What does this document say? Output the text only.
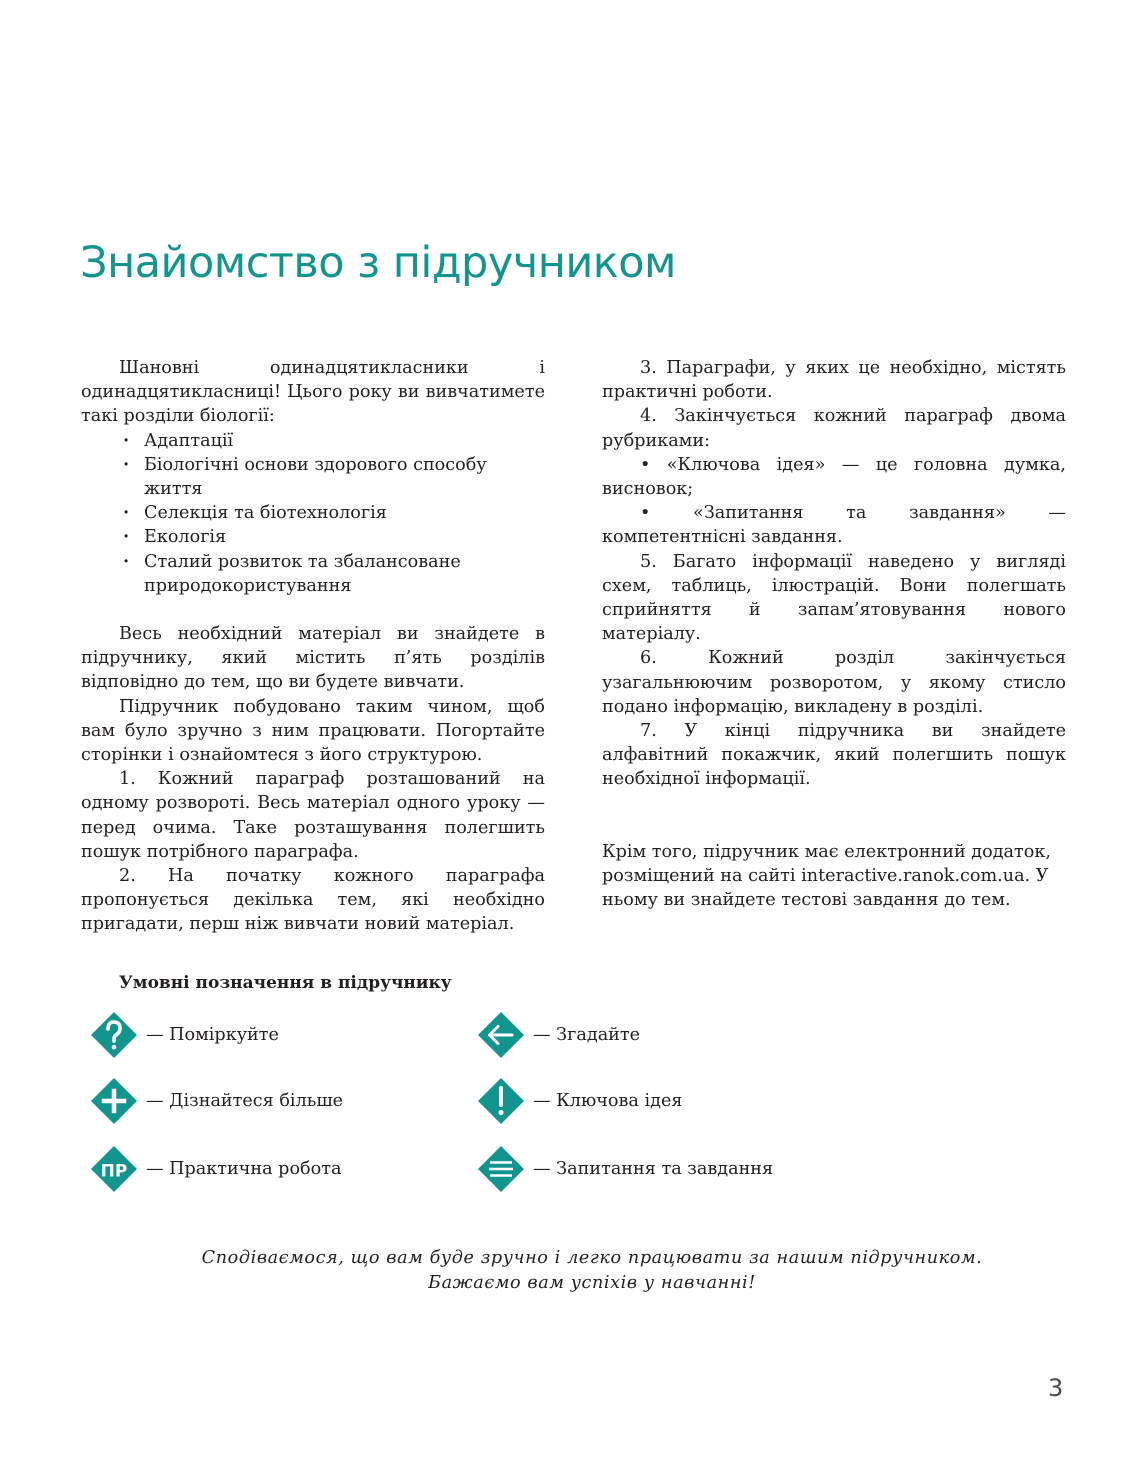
Знайомство з підручником

Шановні одинадцятикласники і одинадцятикласниці! Цього року ви вивчатимете такі розділи біології:

· Адаптації
· Біологічні основи здорового способу життя
· Селекція та біотехнологія
· Екологія
· Сталий розвиток та збалансоване природокористування

Весь необхідний матеріал ви знайдете в підручнику, який містить п’ять розділів відповідно до тем, що ви будете вивчати.

Підручник побудовано таким чином, щоб вам було зручно з ним працювати. Погортайте сторінки і ознайомтеся з його структурою.

1. Кожний параграф розташований на одному розвороті. Весь матеріал одного уроку — перед очима. Таке розташування полегшить пошук потрібного параграфа.

2. На початку кожного параграфа пропонується декілька тем, які необхідно пригадати, перш ніж вивчати новий матеріал.

3. Параграфи, у яких це необхідно, містять практичні роботи.

4. Закінчується кожний параграф двома рубриками:

• «Ключова ідея» — це головна думка, висновок;

• «Запитання та завдання» — компетентнісні завдання.

5. Багато інформації наведено у вигляді схем, таблиць, ілюстрацій. Вони полегшать сприйняття й запам’ятовування нового матеріалу.

6. Кожний розділ закінчується узагальнюючим розворотом, у якому стисло подано інформацію, викладену в розділі.

7. У кінці підручника ви знайдете алфавітний покажчик, який полегшить пошук необхідної інформації.

Крім того, підручник має електронний додаток, розміщений на сайті interactive.ranok.com.ua. У ньому ви знайдете тестові завдання до тем.

Умовні позначення в підручнику
— Поміркуйте	— Згадайте
— Дізнайтеся більше	— Ключова ідея
ПР — Практична робота	— Запитання та завдання
Сподіваємося, що вам буде зручно і легко працювати за нашим підручником.
Бажаємо вам успіхів у навчанні!
3
